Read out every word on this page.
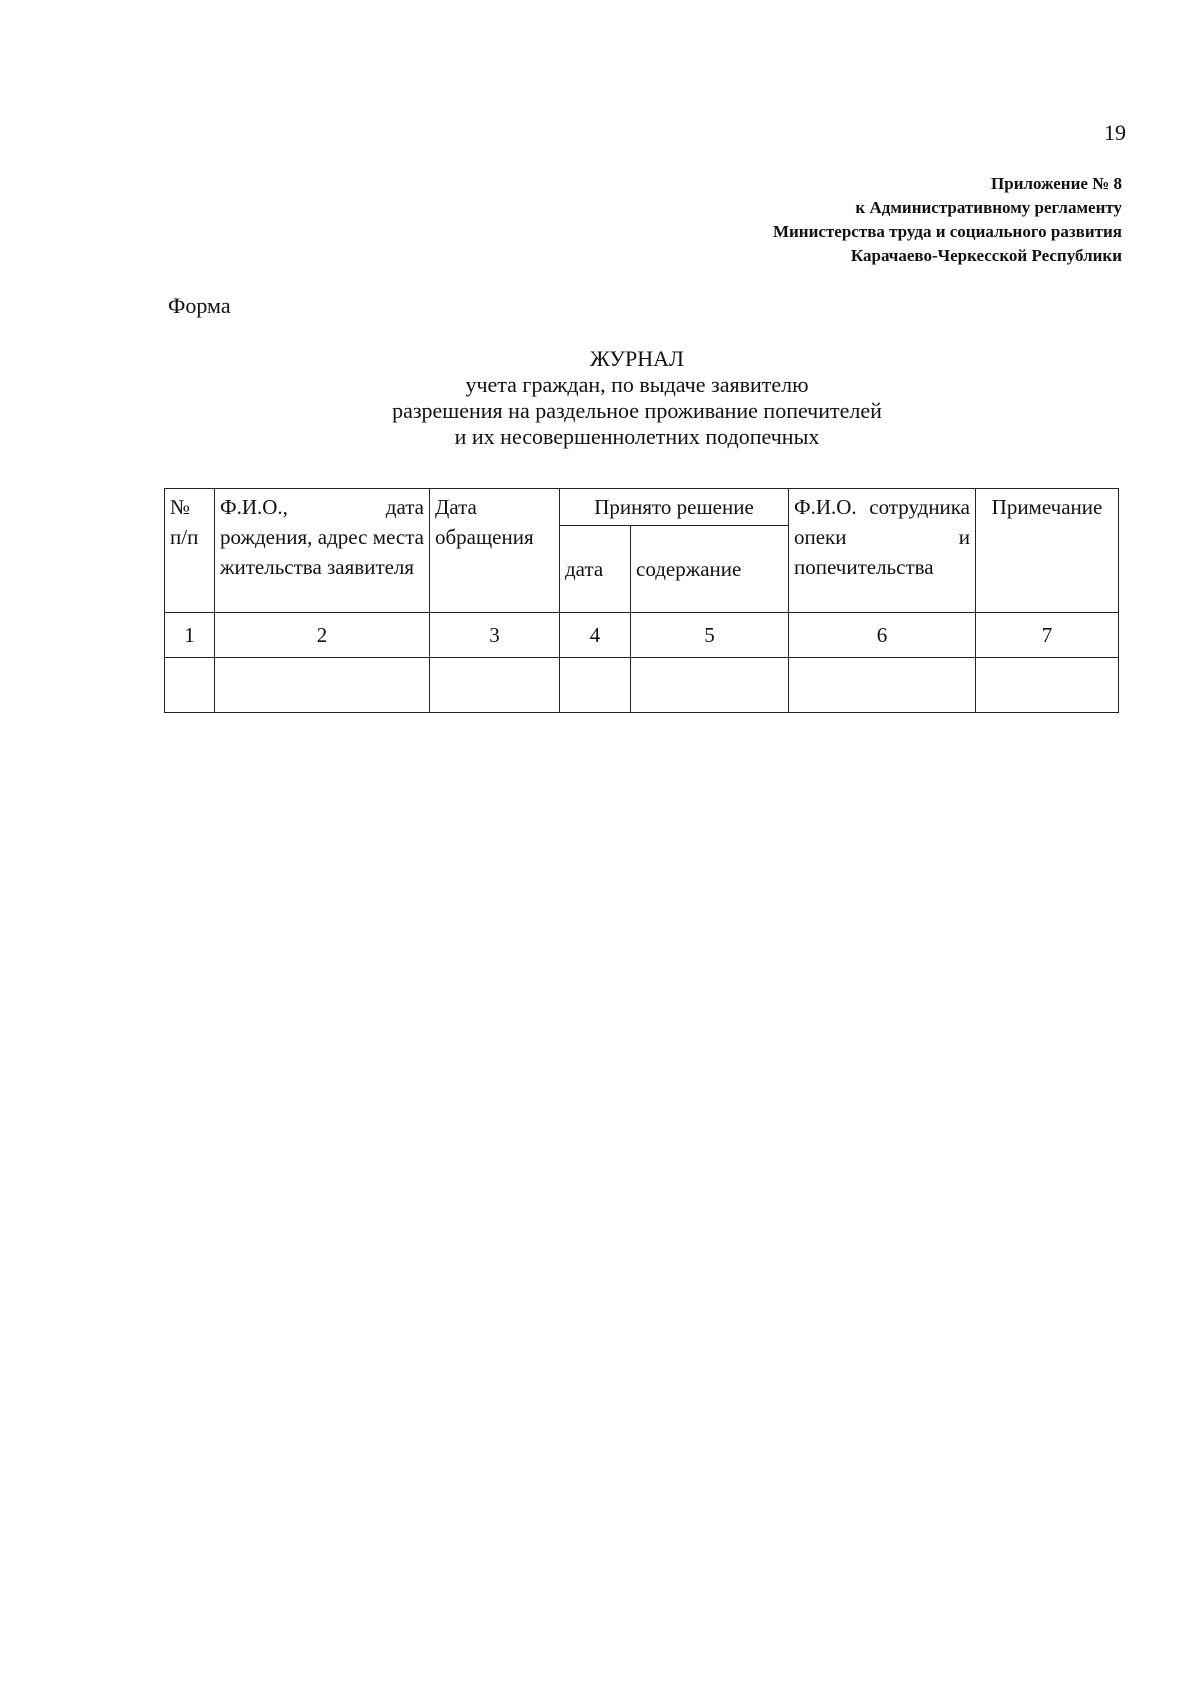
19
Приложение № 8
к Административному регламенту
Министерства труда и социального развития
Карачаево-Черкесской Республики
Форма
ЖУРНАЛ
учета граждан, по выдаче заявителю
разрешения на раздельное проживание попечителей
и их несовершеннолетних подопечных
№ п/п	Ф.И.О., дата рождения, адрес места жительства заявителя	Дата обращения	Принято решение		Ф.И.О. сотрудника опеки и попечительства	Примечание
			дата	содержание		
1	2	3	4	5	6	7
